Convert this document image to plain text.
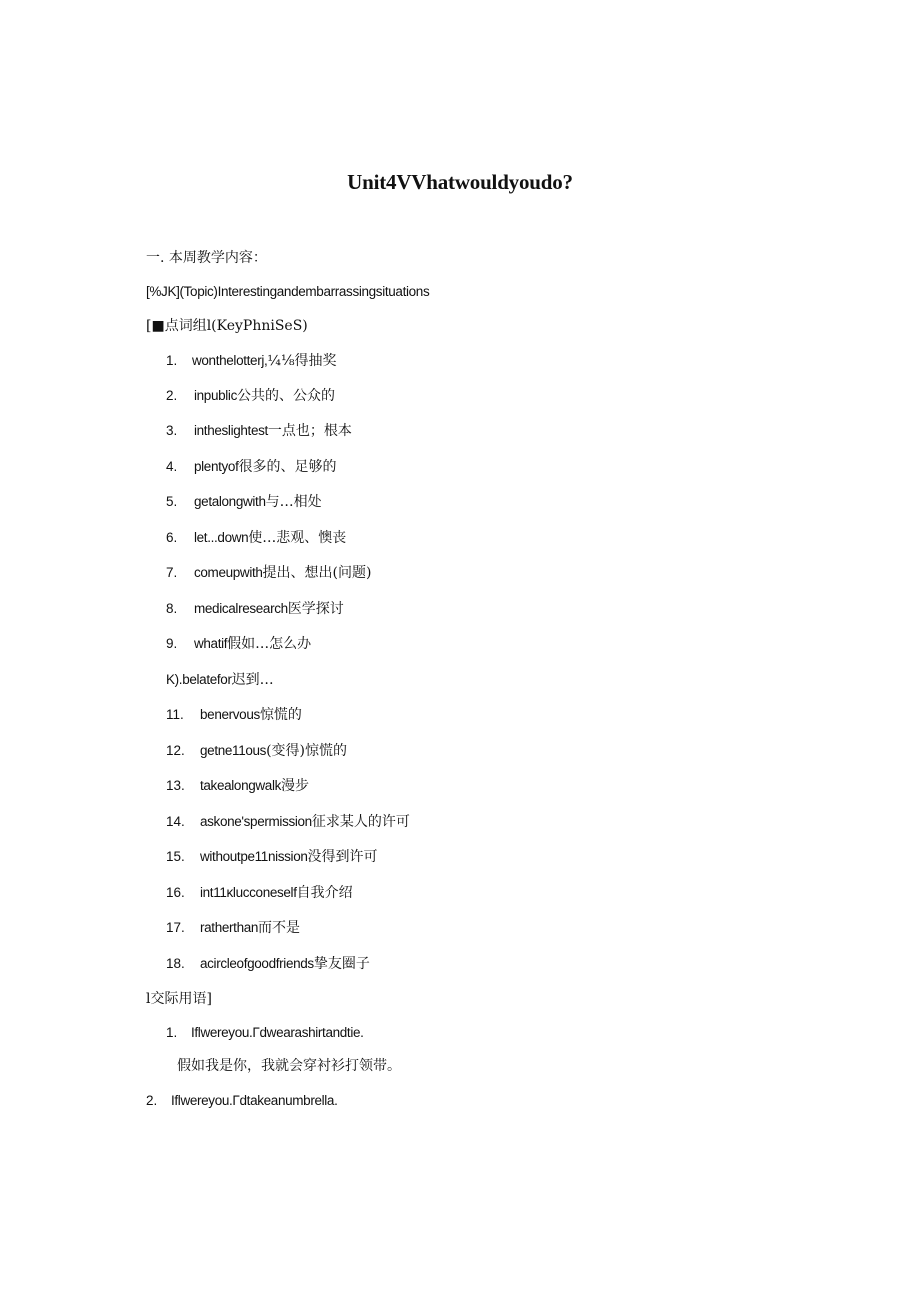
Unit4VVhatwouldyoudo?
一. 本周教学内容：
[%JK](Topic)Interestingandembarrassingsituations
[■点词组l(KeyPhniSeS)
1. wonthelotterj,¼⅛得抽奖
2. inpublic公共的、公众的
3. intheslightest一点也；根本
4. plentyof很多的、足够的
5. getalongwith与…相处
6. let...down使…悲观、懊丧
7. comeupwith提出、想出(问题)
8. medicalresearch医学探讨
9. whatif假如…怎么办
K).belatefor迟到…
11. benervous惊慌的
12. getne11ous(变得)惊慌的
13. takealongwalk漫步
14. askone'spermission征求某人的许可
15. withoutpe11nission没得到许可
16. int11κlucconeself自我介绍
17. ratherthan而不是
18. acircleofgoodfriends挚友圈子
l交际用语]
1. Iflwereyou.Γdwearashirtandtie.
假如我是你，我就会穿衬衫打领带。
2. Iflwereyou.Γdtakeanumbrella.
